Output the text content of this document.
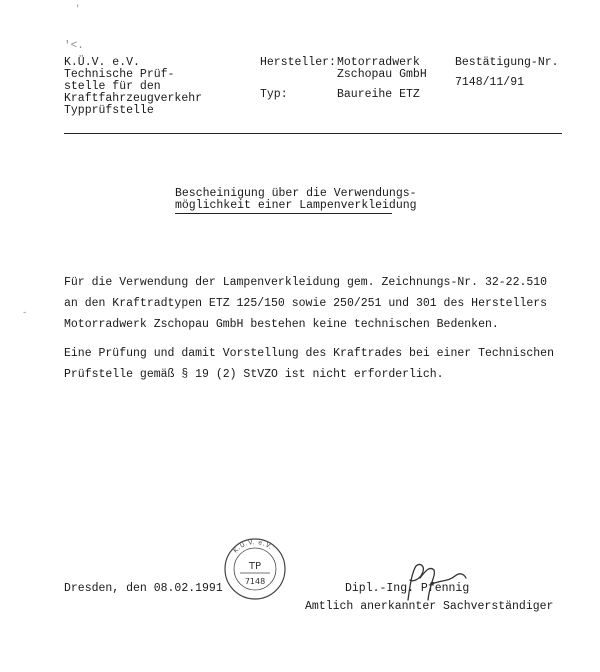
'
'<.
-
K.Ü.V. e.V.
Technische Prüf-
stelle für den
Kraftfahrzeugverkehr
Typprüfstelle
Hersteller: Motorradwerk
Zschopau GmbH
Typ:	Baureihe ETZ
Bestätigung-Nr.
7148/11/91
Bescheinigung über die Verwendungs-
möglichkeit einer Lampenverkleidung
Für die Verwendung der Lampenverkleidung gem. Zeichnungs-Nr. 32-22.510
an den Kraftradtypen ETZ 125/150 sowie 250/251 und 301 des Herstellers
Motorradwerk Zschopau GmbH bestehen keine technischen Bedenken.
Eine Prüfung und damit Vorstellung des Kraftrades bei einer Technischen
Prüfstelle gemäß § 19 (2) StVZO ist nicht erforderlich.
K.Ü.V. e.V.
TP
7148
Dresden, den 08.02.1991	Dipl.-Ing. Pfennig
Amtlich anerkannter Sachverständiger
